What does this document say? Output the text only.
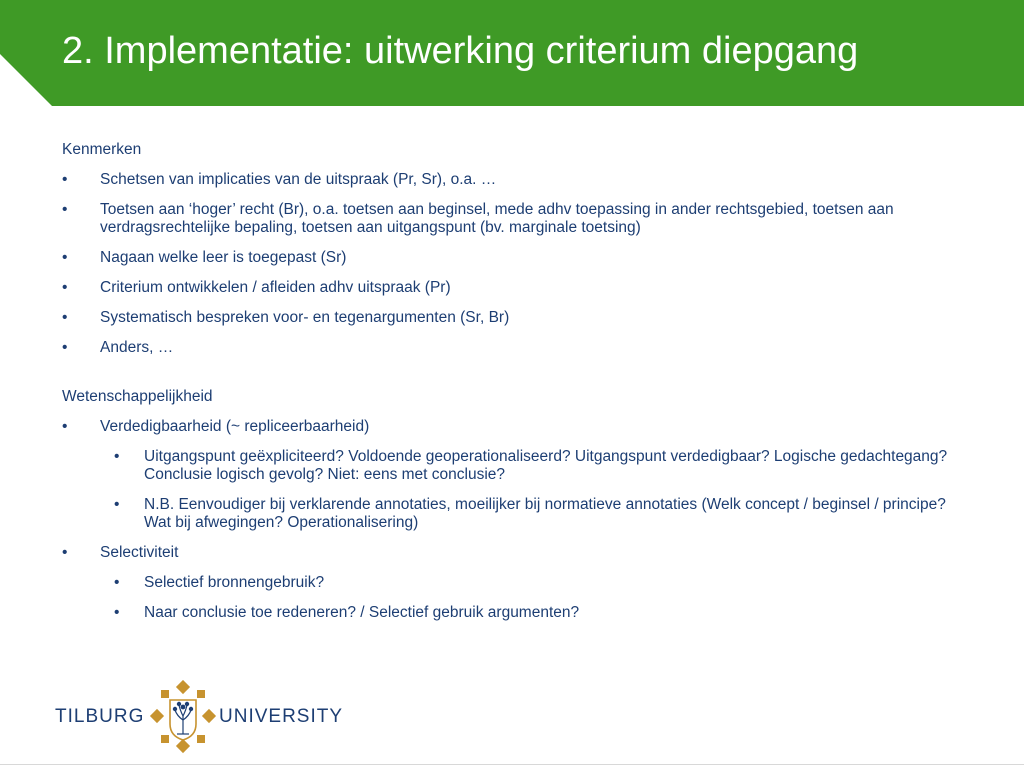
2. Implementatie: uitwerking criterium diepgang

Kenmerken

• Schetsen van implicaties van de uitspraak (Pr, Sr), o.a. …
• Toetsen aan ‘hoger’ recht (Br), o.a. toetsen aan beginsel, mede adhv toepassing in ander rechtsgebied, toetsen aan verdragsrechtelijke bepaling, toetsen aan uitgangspunt (bv. marginale toetsing)
• Nagaan welke leer is toegepast (Sr)
• Criterium ontwikkelen / afleiden adhv uitspraak (Pr)
• Systematisch bespreken voor- en tegenargumenten (Sr, Br)
• Anders, …

Wetenschappelijkheid

• Verdedigbaarheid (~ repliceerbaarheid)
• Uitgangspunt geëxpliciteerd? Voldoende geoperationaliseerd? Uitgangspunt verdedigbaar? Logische gedachtegang? Conclusie logisch gevolg? Niet: eens met conclusie?
• N.B. Eenvoudiger bij verklarende annotaties, moeilijker bij normatieve annotaties (Welk concept / beginsel / principe? Wat bij afwegingen? Operationalisering)
• Selectiviteit
• Selectief bronnengebruik?
• Naar conclusie toe redeneren? / Selectief gebruik argumenten?
TILBURG	UNIVERSITY
